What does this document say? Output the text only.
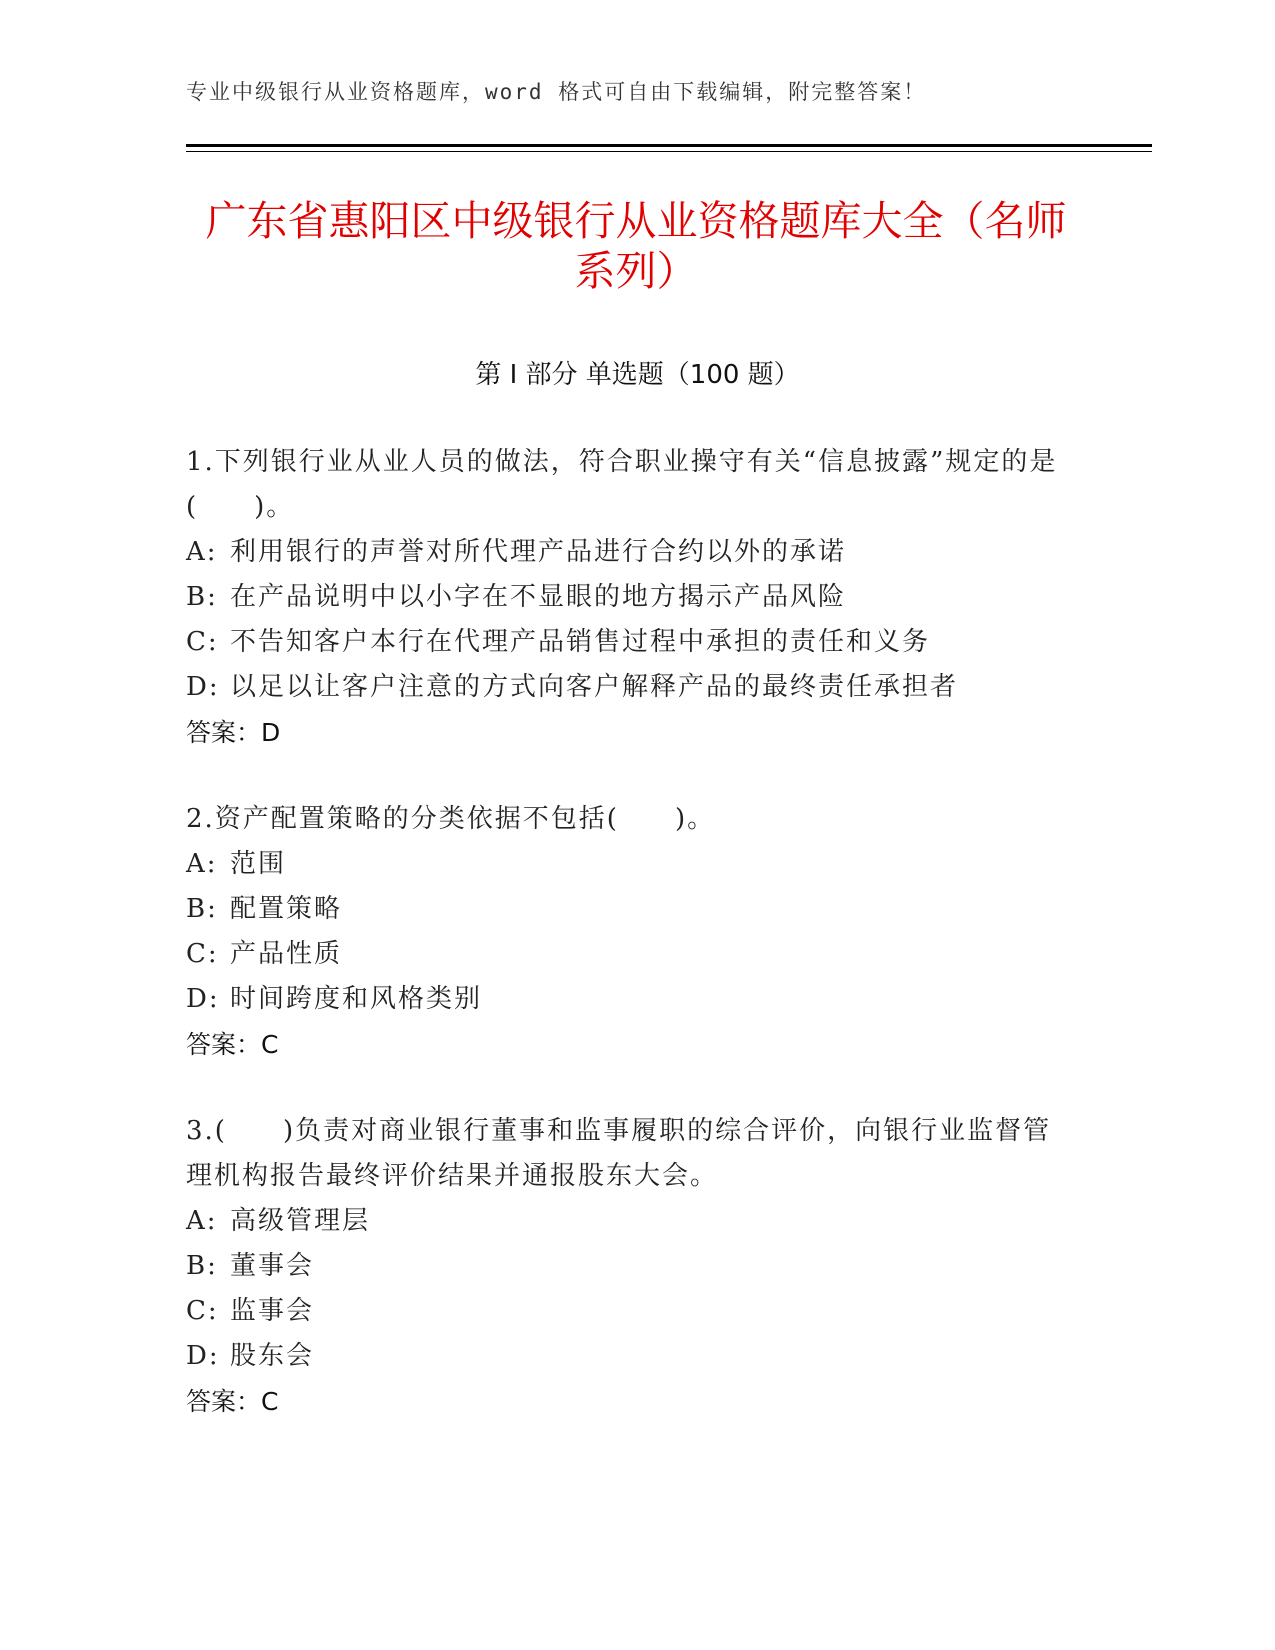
专业中级银行从业资格题库，word 格式可自由下载编辑，附完整答案！
广东省惠阳区中级银行从业资格题库大全（名师系列）
第 I 部分 单选题（100 题）

1.下列银行业从业人员的做法，符合职业操守有关“信息披露”规定的是(　　)。

A: 利用银行的声誉对所代理产品进行合约以外的承诺

B: 在产品说明中以小字在不显眼的地方揭示产品风险

C: 不告知客户本行在代理产品销售过程中承担的责任和义务

D: 以足以让客户注意的方式向客户解释产品的最终责任承担者

答案：D

2.资产配置策略的分类依据不包括(　　)。

A: 范围

B: 配置策略

C: 产品性质

D: 时间跨度和风格类别

答案：C

3.(　　)负责对商业银行董事和监事履职的综合评价，向银行业监督管理机构报告最终评价结果并通报股东大会。

A: 高级管理层

B: 董事会

C: 监事会

D: 股东会

答案：C
